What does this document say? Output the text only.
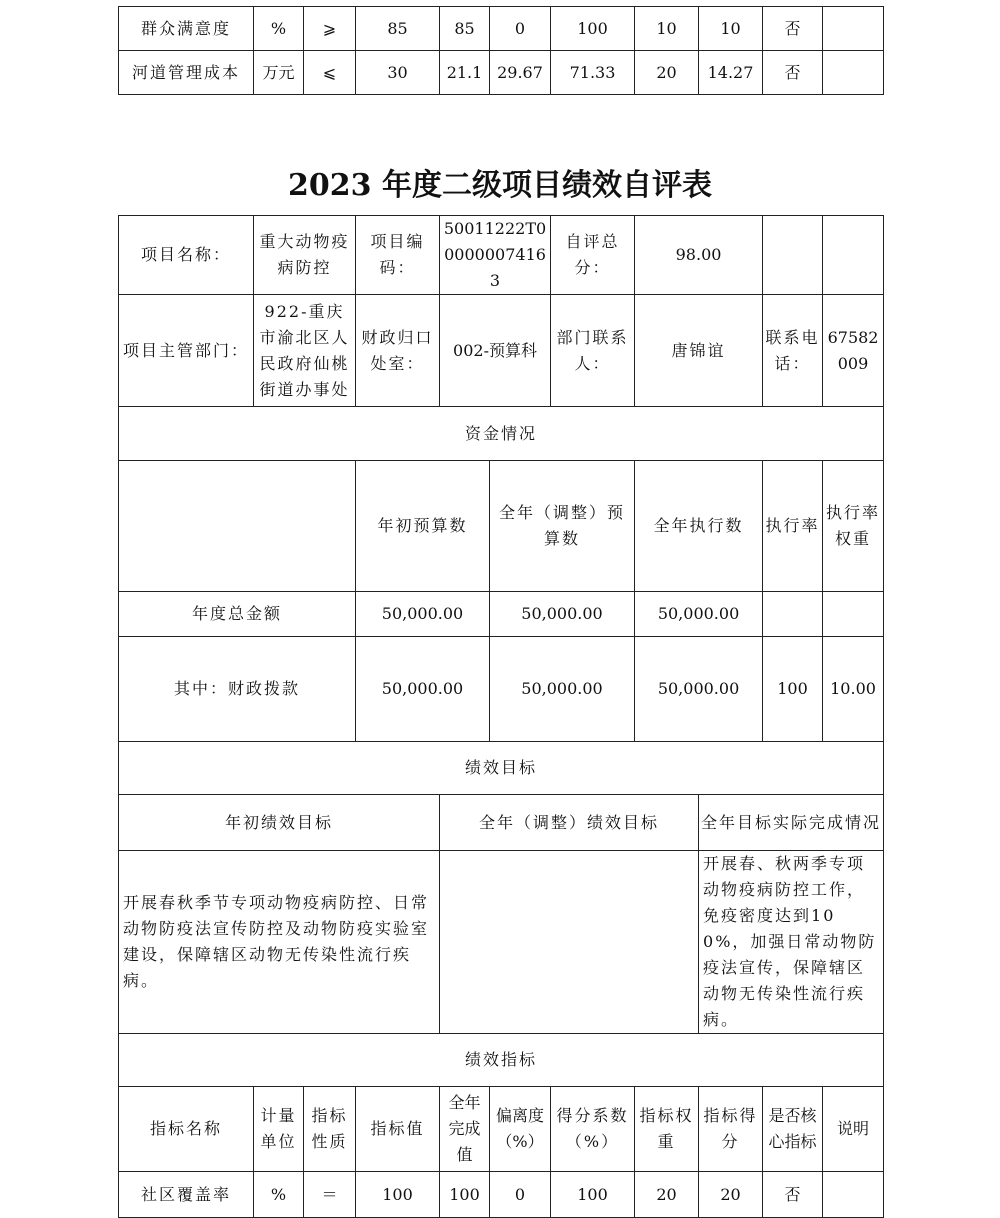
群众满意度	%	⩾	85	85	0	100	10	10	否	
河道管理成本	万元	⩽	30	21.1	29.67	71.33	20	14.27	否	
2023 年度二级项目绩效自评表
项目名称：	重大动物疫病防控		项目编码：	50011222T000000074163		自评总分：	98.00				
项目主管部门：	922-重庆市渝北区人民政府仙桃街道办事处		财政归口处室：	002-预算科		部门联系人：	唐锦谊		联系电话：	67582009	
资金情况											
			年初预算数		全年（调整）预算数		全年执行数		执行率	执行率权重	
年度总金额			50,000.00		50,000.00		50,000.00				
其中：财政拨款			50,000.00		50,000.00		50,000.00		100	10.00	
绩效目标											
年初绩效目标				全年（调整）绩效目标				全年目标实际完成情况			
开展春秋季节专项动物疫病防控、日常动物防疫法宣传防控及动物防疫实验室建设，保障辖区动物无传染性流行疾病。								开展春、秋两季专项动物疫病防控工作，免疫密度达到100%，加强日常动物防疫法宣传，保障辖区动物无传染性流行疾病。			
绩效指标											
指标名称	计量单位	指标性质	指标值	全年完成值	偏离度（%）	得分系数（%）	指标权重	指标得分	是否核心指标	说明	
社区覆盖率	%	＝	100	100	0	100	20	20	否		
